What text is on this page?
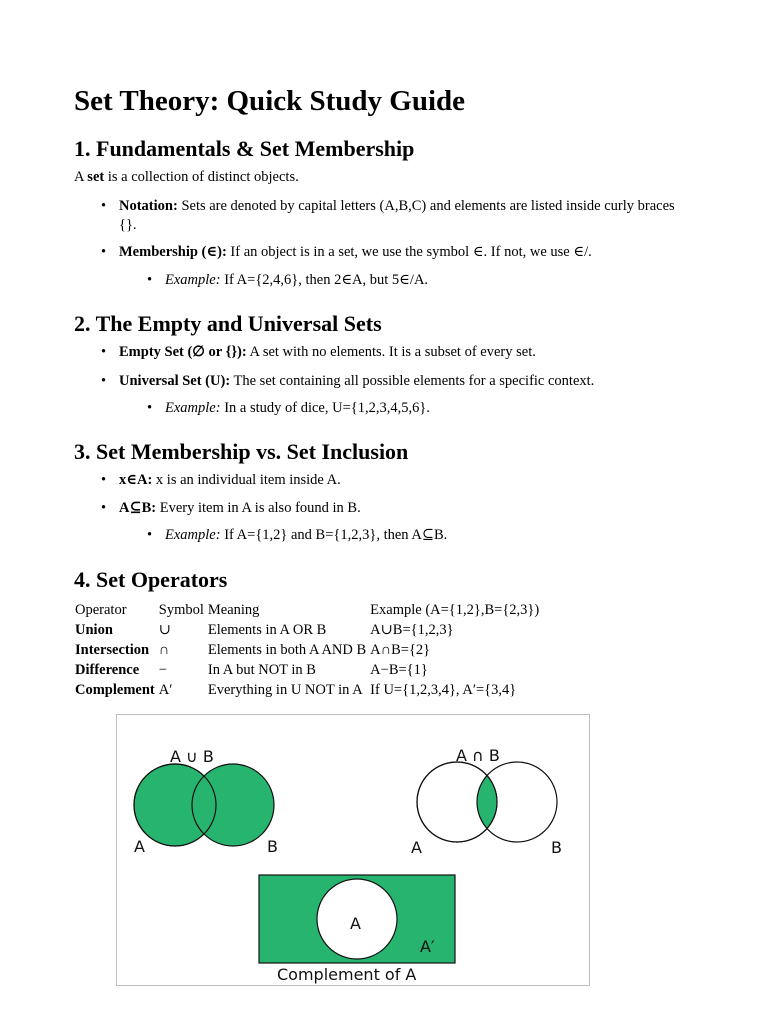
Set Theory: Quick Study Guide
1. Fundamentals & Set Membership

A set is a collection of distinct objects.

• Notation: Sets are denoted by capital letters (A,B,C) and elements are listed inside curly braces {}.
• Membership (∈): If an object is in a set, we use the symbol ∈. If not, we use ∈/.
• Example: If A={2,4,6}, then 2∈A, but 5∈/A.
2. The Empty and Universal Sets
• Empty Set (∅ or {}): A set with no elements. It is a subset of every set.
• Universal Set (U): The set containing all possible elements for a specific context.
• Example: In a study of dice, U={1,2,3,4,5,6}.
3. Set Membership vs. Set Inclusion
• x∈A: x is an individual item inside A.
• A⊆B: Every item in A is also found in B.
• Example: If A={1,2} and B={1,2,3}, then A⊆B.
4. Set Operators
Operator	Symbol	Meaning	Example (A={1,2},B={2,3})
Union	∪	Elements in A OR B	A∪B={1,2,3}
Intersection	∩	Elements in both A AND B	A∩B={2}
Difference	−	In A but NOT in B	A−B={1}
Complement	A′	Everything in U NOT in A	If U={1,2,3,4}, A′={3,4}
A ∪ B
A	B
A ∩ B
A	B
A
A′
Complement of A
